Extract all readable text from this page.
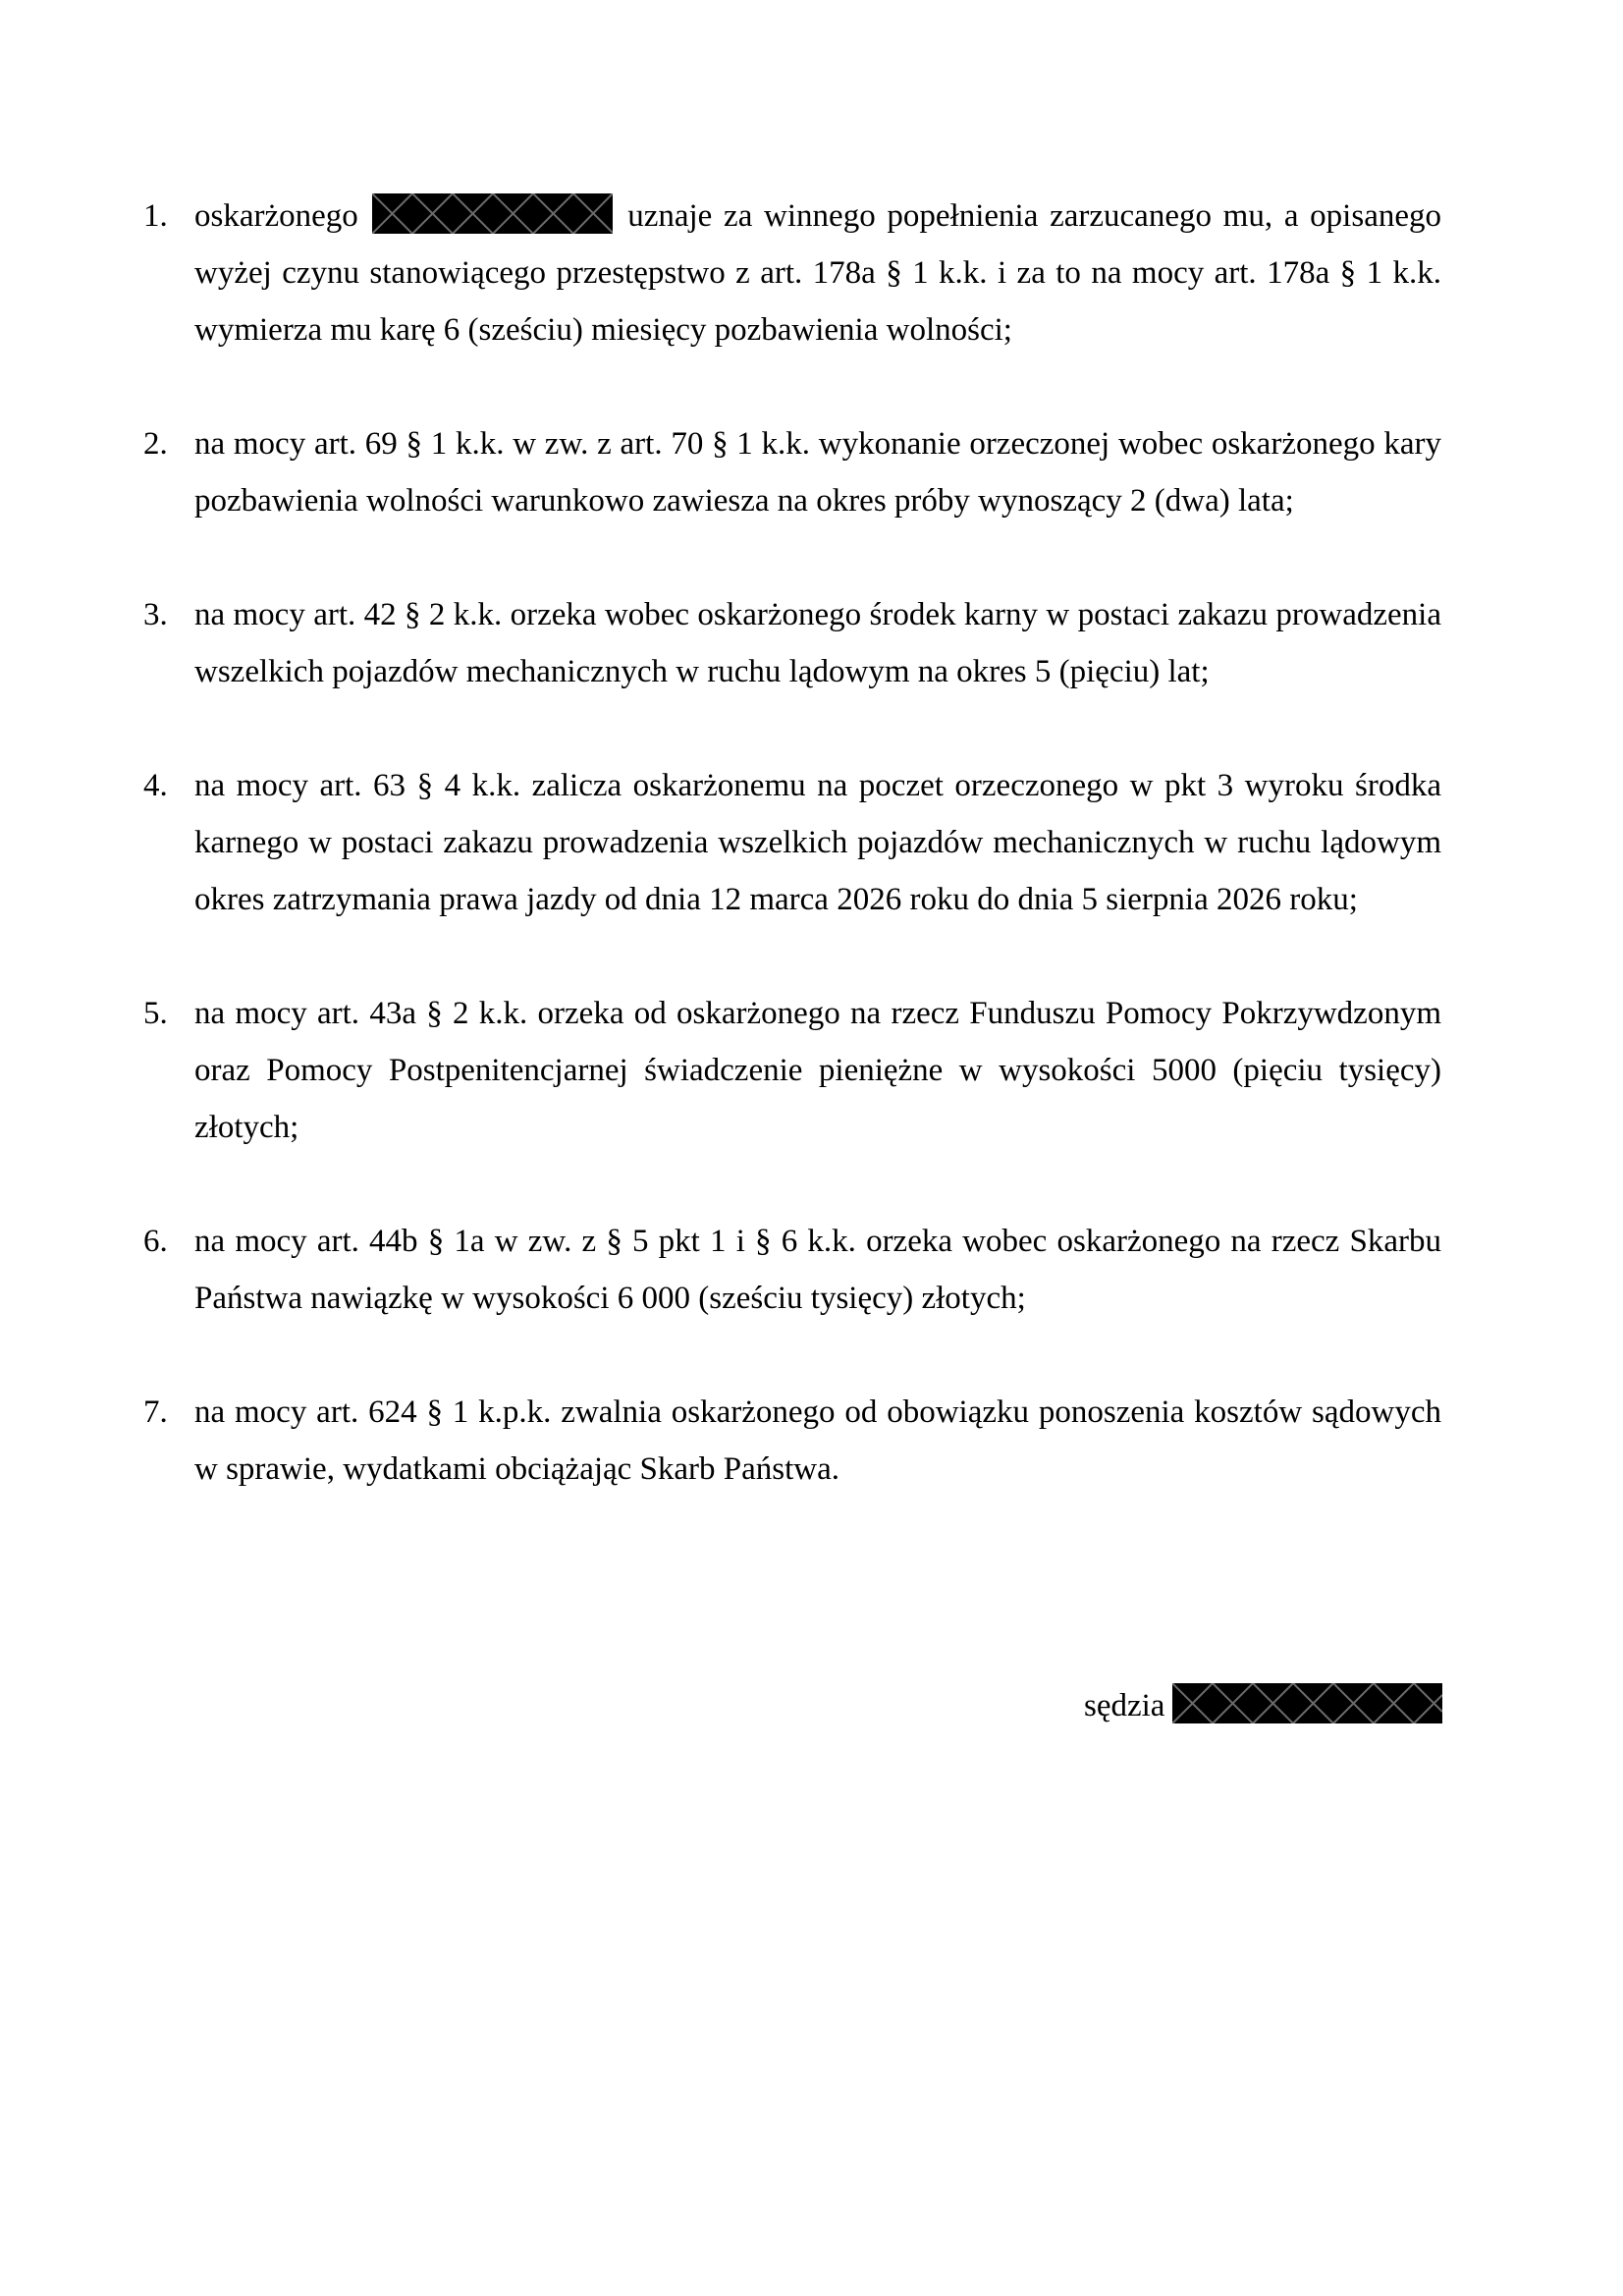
1. oskarżonego	uznaje za winnego popełnienia zarzucanego mu, a opisanego wyżej czynu stanowiącego przestępstwo z art. 178a § 1 k.k. i za to na mocy art. 178a § 1 k.k. wymierza mu karę 6 (sześciu) miesięcy pozbawienia wolności;
2. na mocy art. 69 § 1 k.k. w zw. z art. 70 § 1 k.k. wykonanie orzeczonej wobec oskarżonego kary pozbawienia wolności warunkowo zawiesza na okres próby wynoszący 2 (dwa) lata;
3. na mocy art. 42 § 2 k.k. orzeka wobec oskarżonego środek karny w postaci zakazu prowadzenia wszelkich pojazdów mechanicznych w ruchu lądowym na okres 5 (pięciu) lat;
4. na mocy art. 63 § 4 k.k. zalicza oskarżonemu na poczet orzeczonego w pkt 3 wyroku środka karnego w postaci zakazu prowadzenia wszelkich pojazdów mechanicznych w ruchu lądowym okres zatrzymania prawa jazdy od dnia 12 marca 2026 roku do dnia 5 sierpnia 2026 roku;
5. na mocy art. 43a § 2 k.k. orzeka od oskarżonego na rzecz Funduszu Pomocy Pokrzywdzonym oraz Pomocy Postpenitencjarnej świadczenie pieniężne w wysokości 5000 (pięciu tysięcy) złotych;
6. na mocy art. 44b § 1a w zw. z § 5 pkt 1 i § 6 k.k. orzeka wobec oskarżonego na rzecz Skarbu Państwa nawiązkę w wysokości 6 000 (sześciu tysięcy) złotych;
7. na mocy art. 624 § 1 k.p.k. zwalnia oskarżonego od obowiązku ponoszenia kosztów sądowych w sprawie, wydatkami obciążając Skarb Państwa.
sędzia
